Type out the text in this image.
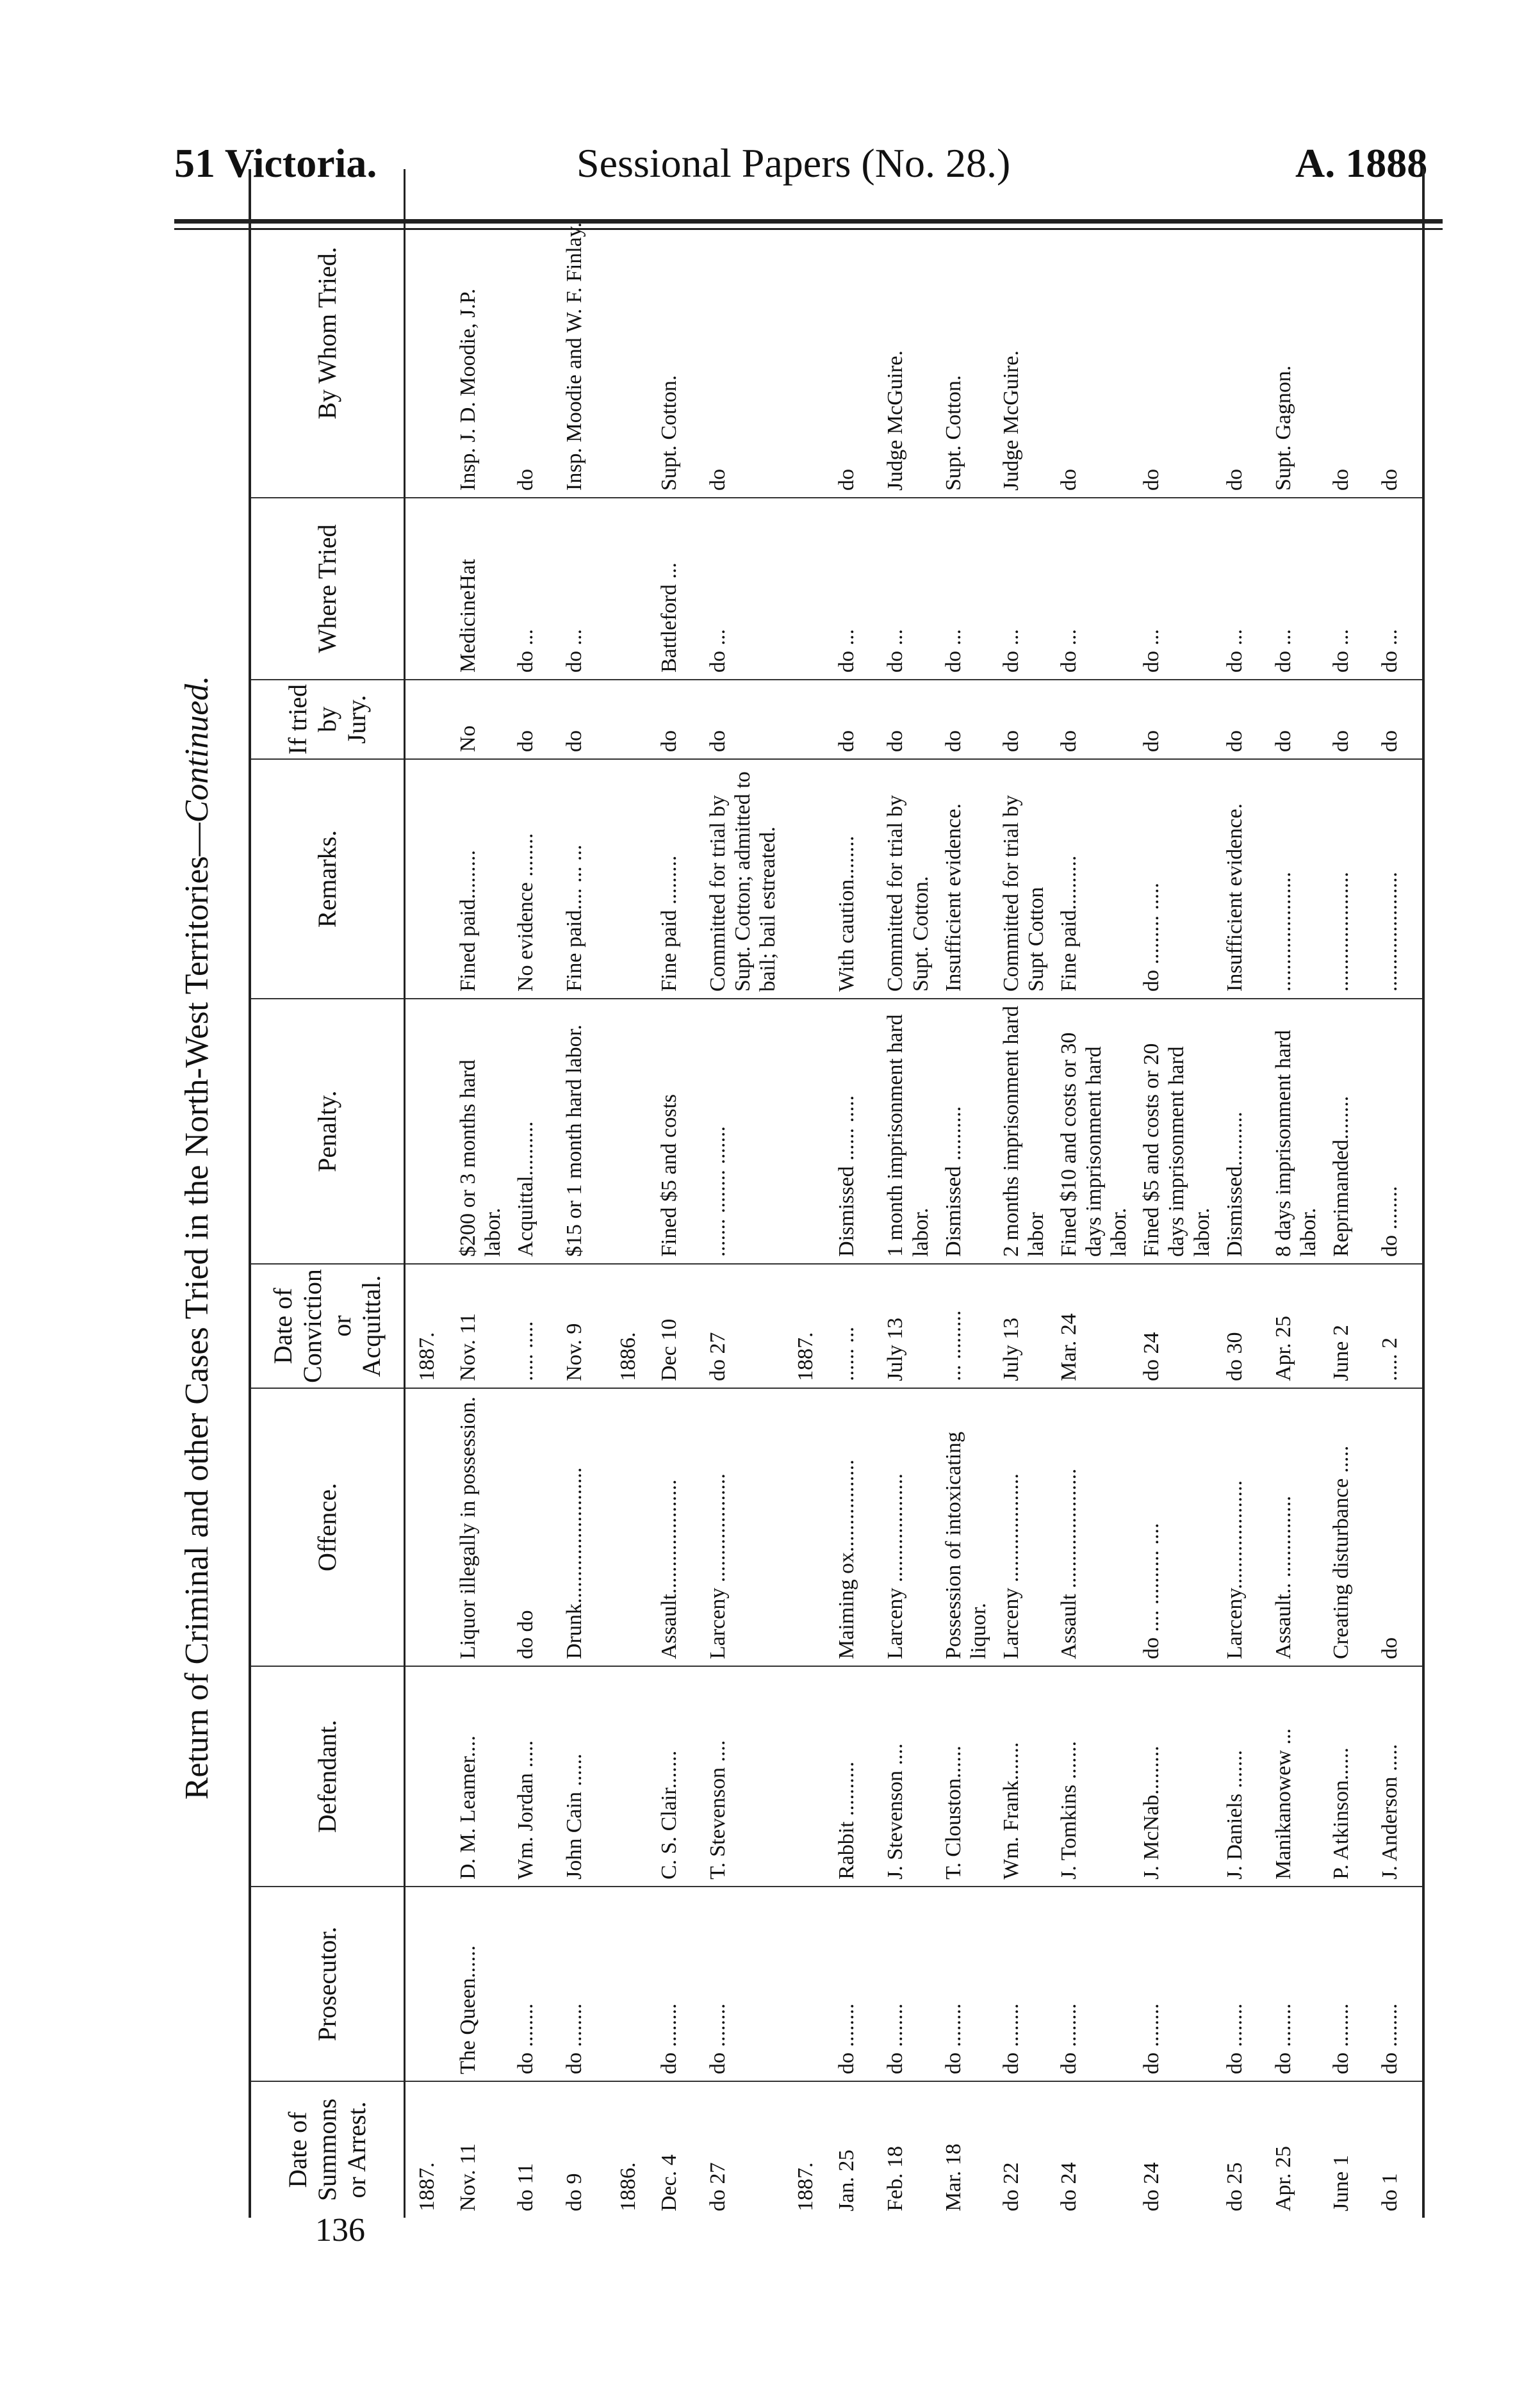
51 Victoria.	Sessional Papers (No. 28.)	A. 1888
Return of Criminal and other Cases Tried in the North-West Territories—Continued.
Date of Summons or Arrest.	Prosecutor.	Defendant.	Offence.	Date of Conviction or Acquittal.	Penalty.	Remarks.	If tried by Jury.	Where Tried	By Whom Tried.
1887.				1887.					
Nov. 11	The Queen......	D. M. Leamer....	Liquor illegally in possession.	Nov. 11	$200 or 3 months hard labor.	Fined paid.........	No	MedicineHat	Insp. J. D. Moodie, J.P.
do 11	do ........	Wm. Jordan .....	do do	..... .....	Acquittal..........	No evidence ........	do	do ...	do
do 9	do ........	John Cain ......	Drunk.........................	Nov. 9	$15 or 1 month hard labor.	Fine paid.... ... ...	do	do ...	Insp. Moodie and W. F. Finlay.
1886.				1886.					
Dec. 4	do ........	C. S. Clair.......	Assault.....................	Dec 10	Fined $5 and costs	Fine paid .........	do	Battleford ...	Supt. Cotton.
do 27	do ........	T. Stevenson ....	Larceny ....................	do 27	....... ........ .......	Committed for trial by Supt. Cotton; admitted to bail; bail estreated.	do	do ...	do
1887.				1887.					
Jan. 25	do ........	Rabbit ..........	Maiming ox.................	...... ...	Dismissed ...... .....	With caution........	do	do ...	do
Feb. 18	do ........	J. Stevenson ....	Larceny ....................	July 13	1 month imprisonment hard labor.	Committed for trial by Supt. Cotton.	do	do ...	Judge McGuire.
Mar. 18	do ........	T. Clouston......	Possession of intoxicating liquor.	... .........	Dismissed ..........	Insufficient evidence.	do	do ...	Supt. Cotton.
do 22	do ........	Wm. Frank.......	Larceny ....................	July 13	2 months imprisonment hard labor	Committed for trial by Supt Cotton	do	do ...	Judge McGuire.
do 24	do ........	J. Tomkins .......	Assault ......................	Mar. 24	Fined $10 and costs or 30 days imprisonment hard labor.	Fine paid..........	do	do ...	do
do 24	do ........	J. McNab.........	do .... .......... ....	do 24	Fined $5 and costs or 20 days imprisonment hard labor.	do ......... .....	do	do ...	do
do 25	do ........	J. Daniels .......	Larceny....................	do 30	Dismissed..........	Insufficient evidence.	do	do ...	do
Apr. 25	do ........	Manikanowew ...	Assault.. ...............	Apr. 25	8 days imprisonment hard labor.	......................	do	do ...	Supt. Gagnon.
June 1	do ........	P. Atkinson......	Creating disturbance .....	June 2	Reprimanded........	......................	do	do ...	do
do 1	do ........	J. Anderson .....	do	..... 2	do ........	......................	do	do ...	do
136
